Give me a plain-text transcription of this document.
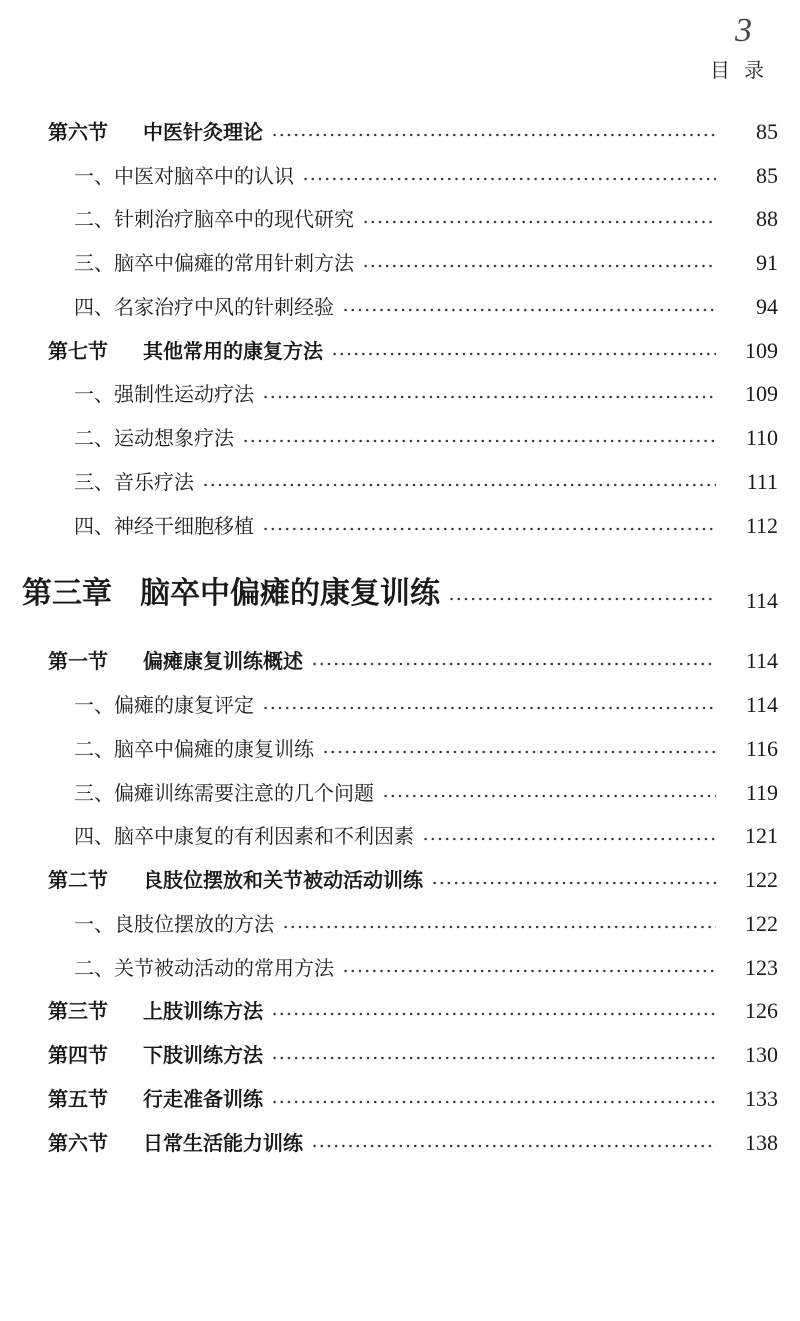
3
目录
第六节	中医针灸理论	85
一、中医对脑卒中的认识	85
二、针刺治疗脑卒中的现代研究	88
三、脑卒中偏瘫的常用针刺方法	91
四、名家治疗中风的针刺经验	94
第七节	其他常用的康复方法	109
一、强制性运动疗法	109
二、运动想象疗法	110
三、音乐疗法	111
四、神经干细胞移植	112
第三章 脑卒中偏瘫的康复训练	114
第一节	偏瘫康复训练概述	114
一、偏瘫的康复评定	114
二、脑卒中偏瘫的康复训练	116
三、偏瘫训练需要注意的几个问题	119
四、脑卒中康复的有利因素和不利因素	121
第二节	良肢位摆放和关节被动活动训练	122
一、良肢位摆放的方法	122
二、关节被动活动的常用方法	123
第三节	上肢训练方法	126
第四节	下肢训练方法	130
第五节	行走准备训练	133
第六节	日常生活能力训练	138
